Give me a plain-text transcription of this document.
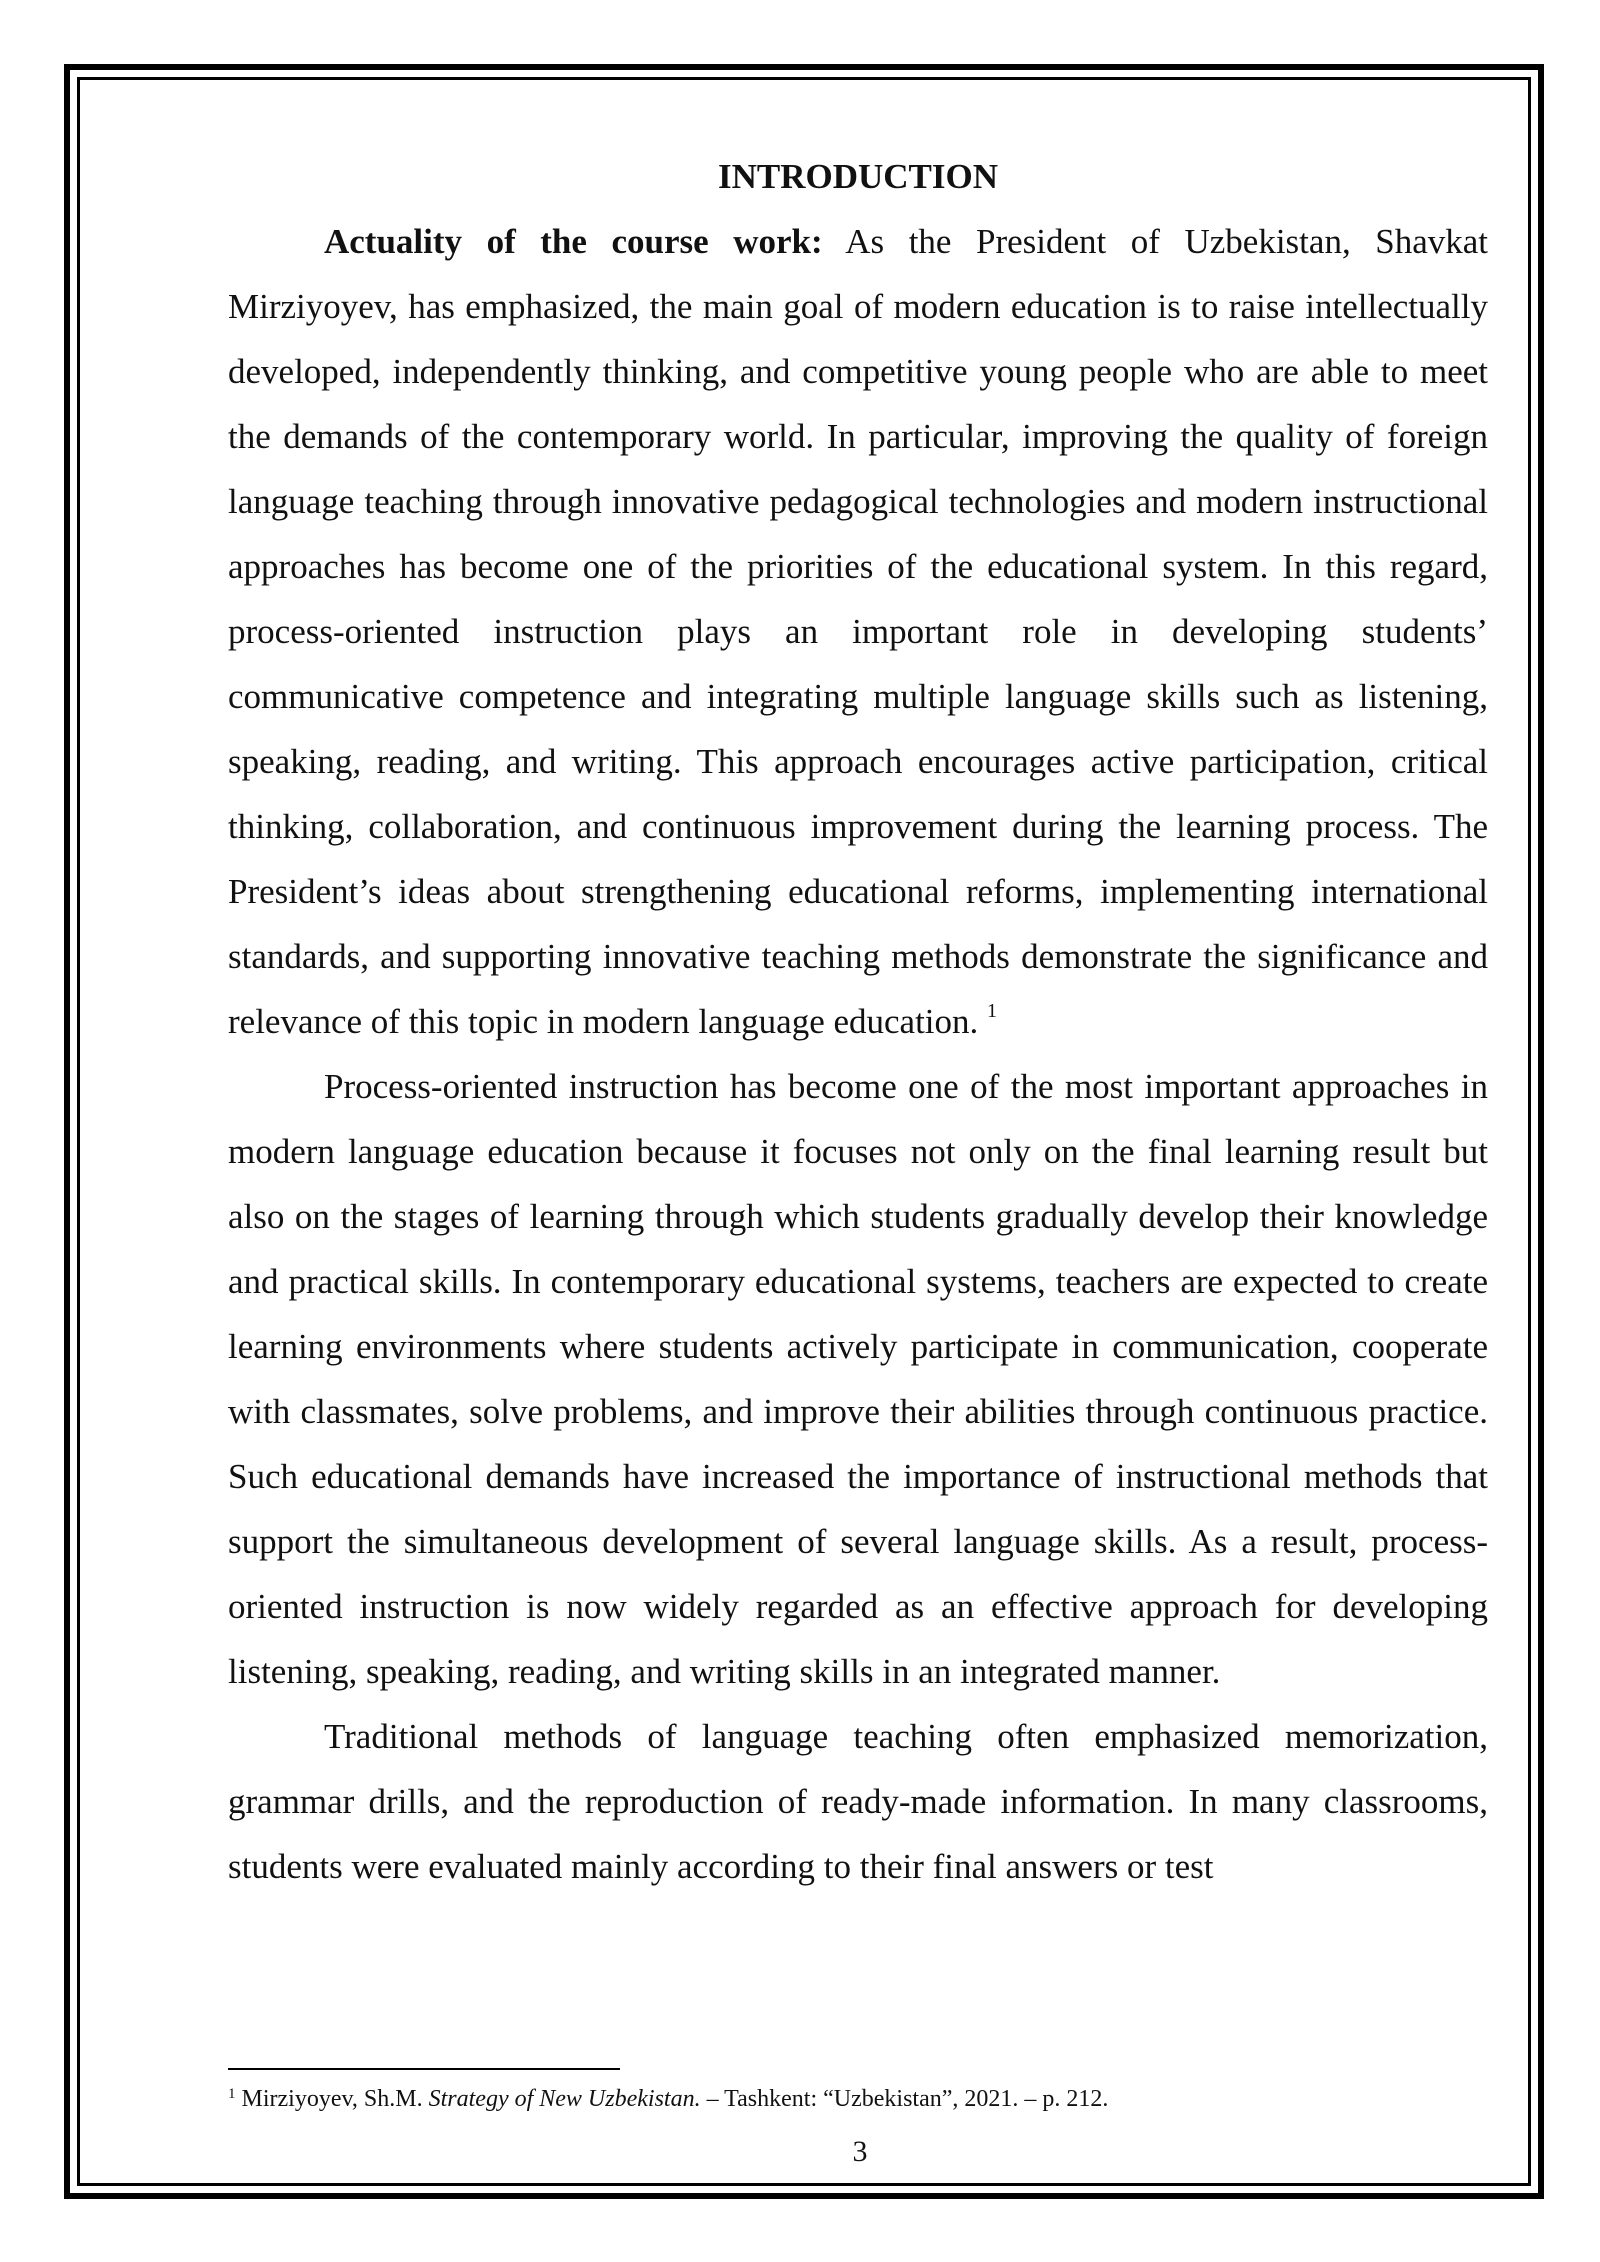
INTRODUCTION

Actuality of the course work: As the President of Uzbekistan, Shavkat Mirziyoyev, has emphasized, the main goal of modern education is to raise intellectually developed, independently thinking, and competitive young people who are able to meet the demands of the contemporary world. In particular, improving the quality of foreign language teaching through innovative pedagogical technologies and modern instructional approaches has become one of the priorities of the educational system. In this regard, process-oriented instruction plays an important role in developing students’ communicative competence and integrating multiple language skills such as listening, speaking, reading, and writing. This approach encourages active participation, critical thinking, collaboration, and continuous improvement during the learning process. The President’s ideas about strengthening educational reforms, implementing international standards, and supporting innovative teaching methods demonstrate the significance and relevance of this topic in modern language education. $^1$

Process-oriented instruction has become one of the most important approaches in modern language education because it focuses not only on the final learning result but also on the stages of learning through which students gradually develop their knowledge and practical skills. In contemporary educational systems, teachers are expected to create learning environments where students actively participate in communication, cooperate with classmates, solve problems, and improve their abilities through continuous practice. Such educational demands have increased the importance of instructional methods that support the simultaneous development of several language skills. As a result, process-oriented instruction is now widely regarded as an effective approach for developing listening, speaking, reading, and writing skills in an integrated manner.

Traditional methods of language teaching often emphasized memorization, grammar drills, and the reproduction of ready-made information. In many classrooms, students were evaluated mainly according to their final answers or test

$^1$ Mirziyoyev, Sh.M. Strategy of New Uzbekistan. – Tashkent: “Uzbekistan”, 2021. – p. 212.

3
